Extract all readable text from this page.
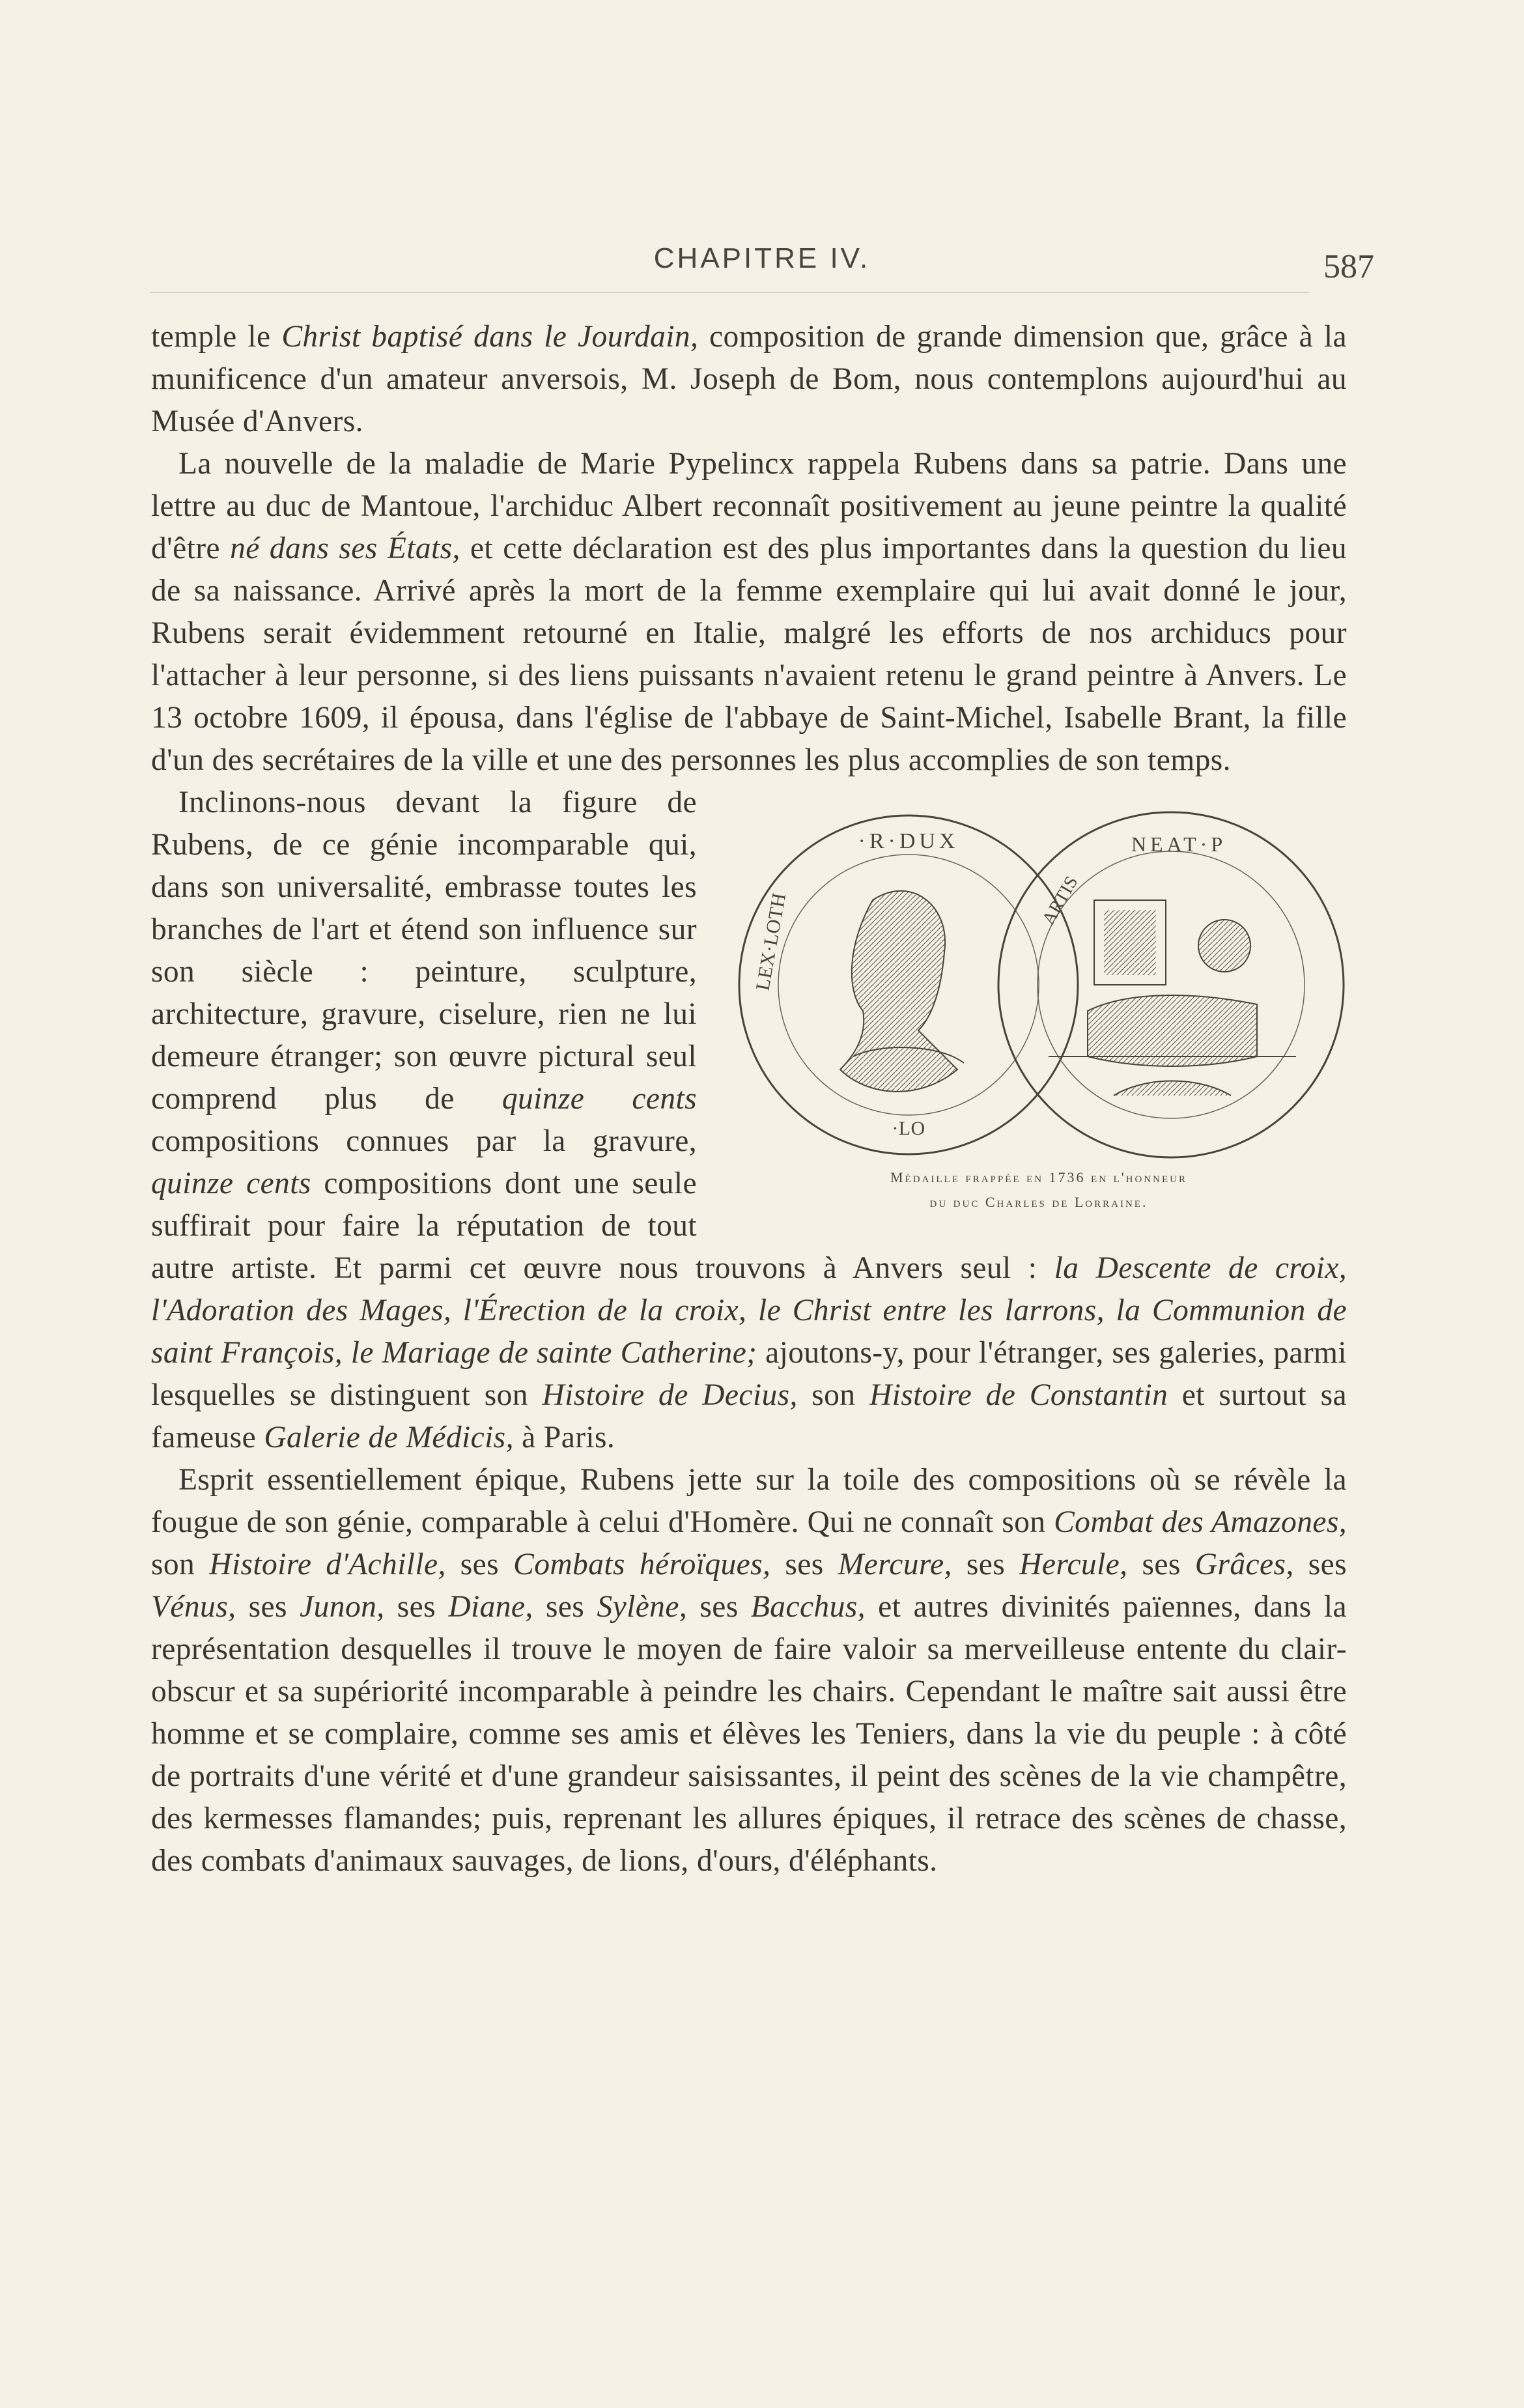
CHAPITRE IV.	587

temple le Christ baptisé dans le Jourdain, composition de grande dimension que, grâce à la munificence d'un amateur anversois, M. Joseph de Bom, nous contemplons aujourd'hui au Musée d'Anvers.

La nouvelle de la maladie de Marie Pypelincx rappela Rubens dans sa patrie. Dans une lettre au duc de Mantoue, l'archiduc Albert reconnaît positivement au jeune peintre la qualité d'être né dans ses États, et cette déclaration est des plus importantes dans la question du lieu de sa naissance. Arrivé après la mort de la femme exemplaire qui lui avait donné le jour, Rubens serait évidemment retourné en Italie, malgré les efforts de nos archiducs pour l'attacher à leur personne, si des liens puissants n'avaient retenu le grand peintre à Anvers. Le 13 octobre 1609, il épousa, dans l'église de l'abbaye de Saint-Michel, Isabelle Brant, la fille d'un des secrétaires de la ville et une des personnes les plus accomplies de son temps.

·R·DUX
LEX·LOTH
·LO
NEAT·P
ARTIS
Médaille frappée en 1736 en l'honneur
du duc Charles de Lorraine.

Inclinons-nous devant la figure de Rubens, de ce génie incomparable qui, dans son universalité, embrasse toutes les branches de l'art et étend son influence sur son siècle : peinture, sculpture, architecture, gravure, ciselure, rien ne lui demeure étranger; son œuvre pictural seul comprend plus de quinze cents compositions connues par la gravure, quinze cents compositions dont une seule suffirait pour faire la réputation de tout autre artiste. Et parmi cet œuvre nous trouvons à Anvers seul : la Descente de croix, l'Adoration des Mages, l'Érection de la croix, le Christ entre les larrons, la Communion de saint François, le Mariage de sainte Catherine; ajoutons-y, pour l'étranger, ses galeries, parmi lesquelles se distinguent son Histoire de Decius, son Histoire de Constantin et surtout sa fameuse Galerie de Médicis, à Paris.

Esprit essentiellement épique, Rubens jette sur la toile des compositions où se révèle la fougue de son génie, comparable à celui d'Homère. Qui ne connaît son Combat des Amazones, son Histoire d'Achille, ses Combats héroïques, ses Mercure, ses Hercule, ses Grâces, ses Vénus, ses Junon, ses Diane, ses Sylène, ses Bacchus, et autres divinités païennes, dans la représentation desquelles il trouve le moyen de faire valoir sa merveilleuse entente du clair-obscur et sa supériorité incomparable à peindre les chairs. Cependant le maître sait aussi être homme et se complaire, comme ses amis et élèves les Teniers, dans la vie du peuple : à côté de portraits d'une vérité et d'une grandeur saisissantes, il peint des scènes de la vie champêtre, des kermesses flamandes; puis, reprenant les allures épiques, il retrace des scènes de chasse, des combats d'animaux sauvages, de lions, d'ours, d'éléphants.
